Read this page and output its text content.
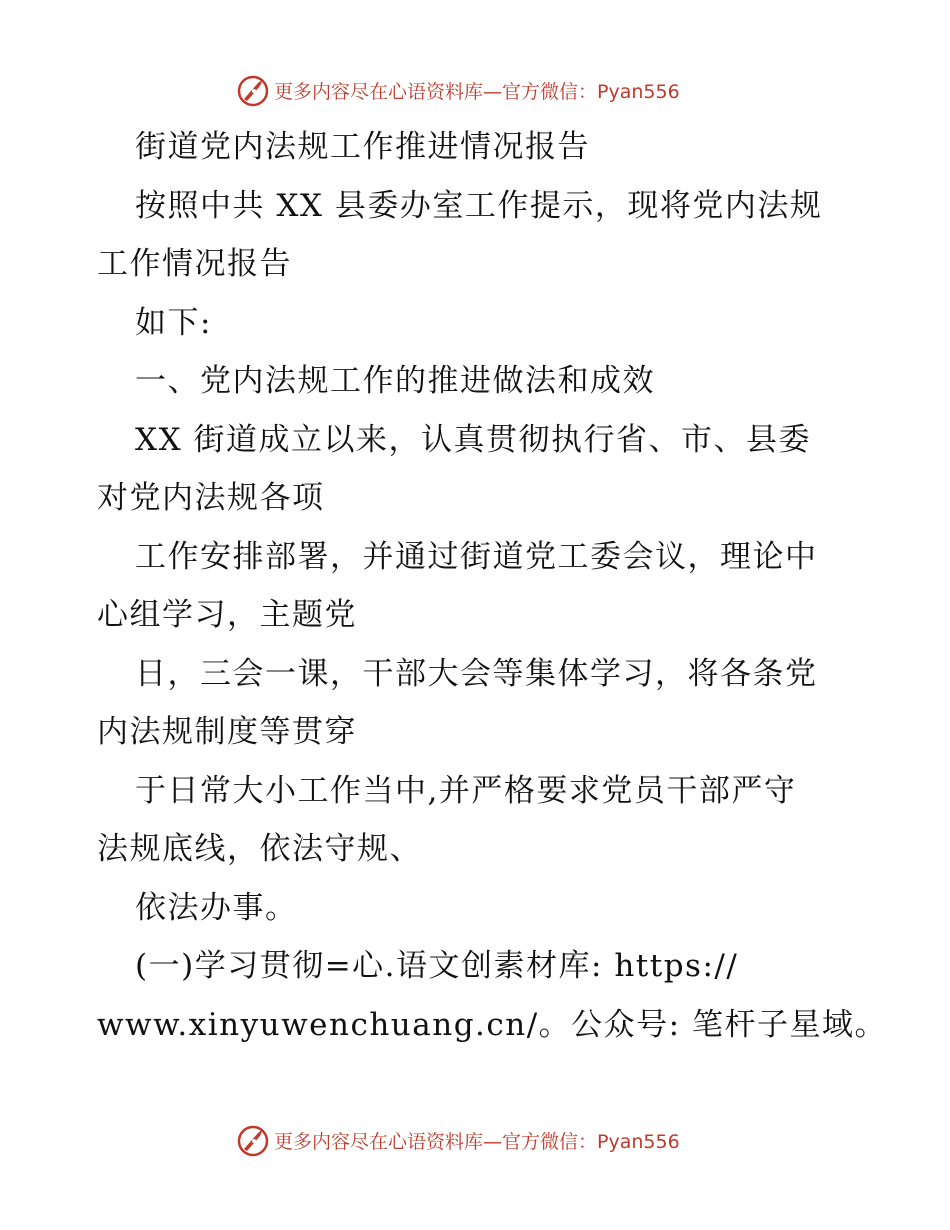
更多内容尽在心语资料库—官方微信：Pyan556
街道党内法规工作推进情况报告
按照中共 XX 县委办室工作提示，现将党内法规
工作情况报告
如下:
一、党内法规工作的推进做法和成效
XX 街道成立以来，认真贯彻执行省、市、县委
对党内法规各项
工作安排部署，并通过街道党工委会议，理论中
心组学习，主题党
日，三会一课，干部大会等集体学习，将各条党
内法规制度等贯穿
于日常大小工作当中,并严格要求党员干部严守
法规底线，依法守规、
依法办事。
(一)学习贯彻=心.语文创素材库: https://
www.xinyuwenchuang.cn/。公众号: 笔杆子星域。
更多内容尽在心语资料库—官方微信：Pyan556
